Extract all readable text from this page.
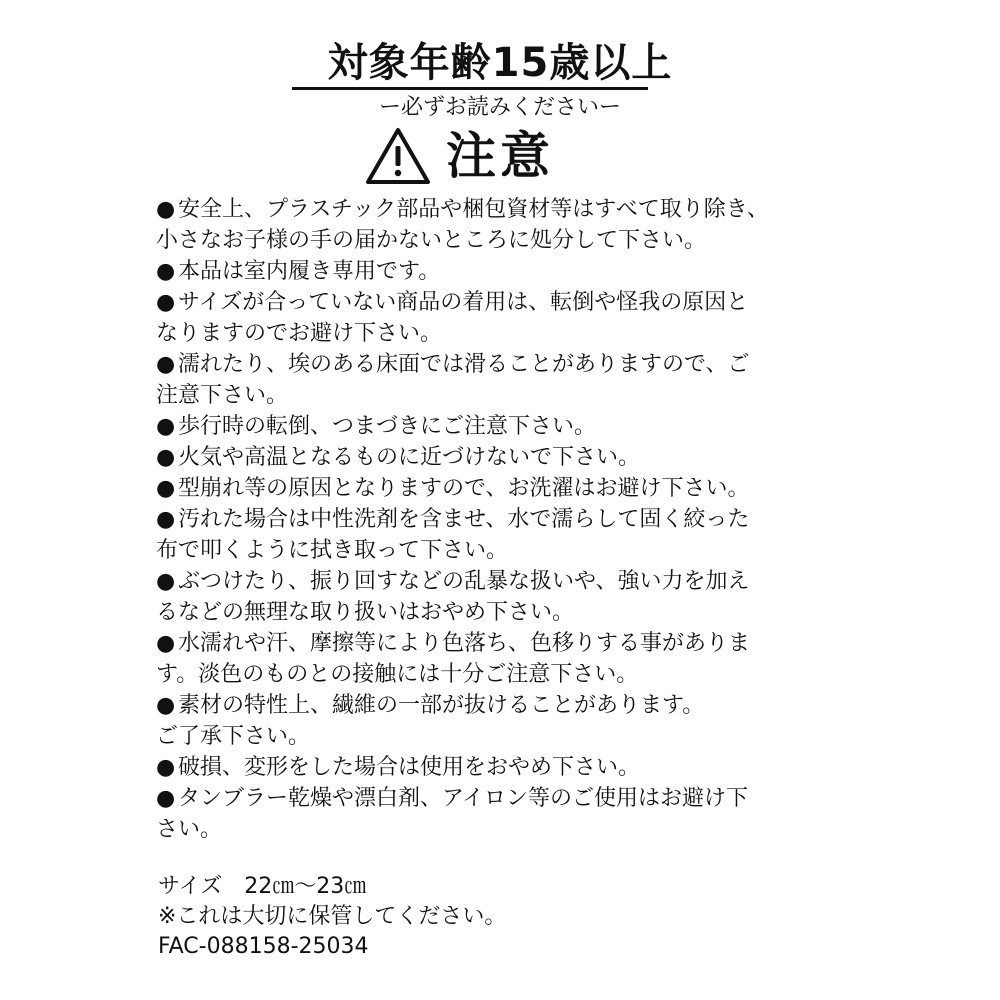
対象年齢15歳以上
ー必ずお読みくださいー
注意
● 安全上、プラスチック部品や梱包資材等はすべて取り除き、

小さなお子様の手の届かないところに処分して下さい。
● 本品は室内履き専用です。
● サイズが合っていない商品の着用は、転倒や怪我の原因と

なりますのでお避け下さい。
● 濡れたり、埃のある床面では滑ることがありますので、ご

注意下さい。
● 歩行時の転倒、つまづきにご注意下さい。
● 火気や高温となるものに近づけないで下さい。
● 型崩れ等の原因となりますので、お洗濯はお避け下さい。
● 汚れた場合は中性洗剤を含ませ、水で濡らして固く絞った

布で叩くように拭き取って下さい。
● ぶつけたり、振り回すなどの乱暴な扱いや、強い力を加え

るなどの無理な取り扱いはおやめ下さい。
● 水濡れや汗、摩擦等により色落ち、色移りする事がありま

す。淡色のものとの接触には十分ご注意下さい。
● 素材の特性上、繊維の一部が抜けることがあります。

ご了承下さい。
● 破損、変形をした場合は使用をおやめ下さい。
● タンブラー乾燥や漂白剤、アイロン等のご使用はお避け下

さい。
サイズ　22㎝～23㎝
※これは大切に保管してください。
FAC-088158-25034
